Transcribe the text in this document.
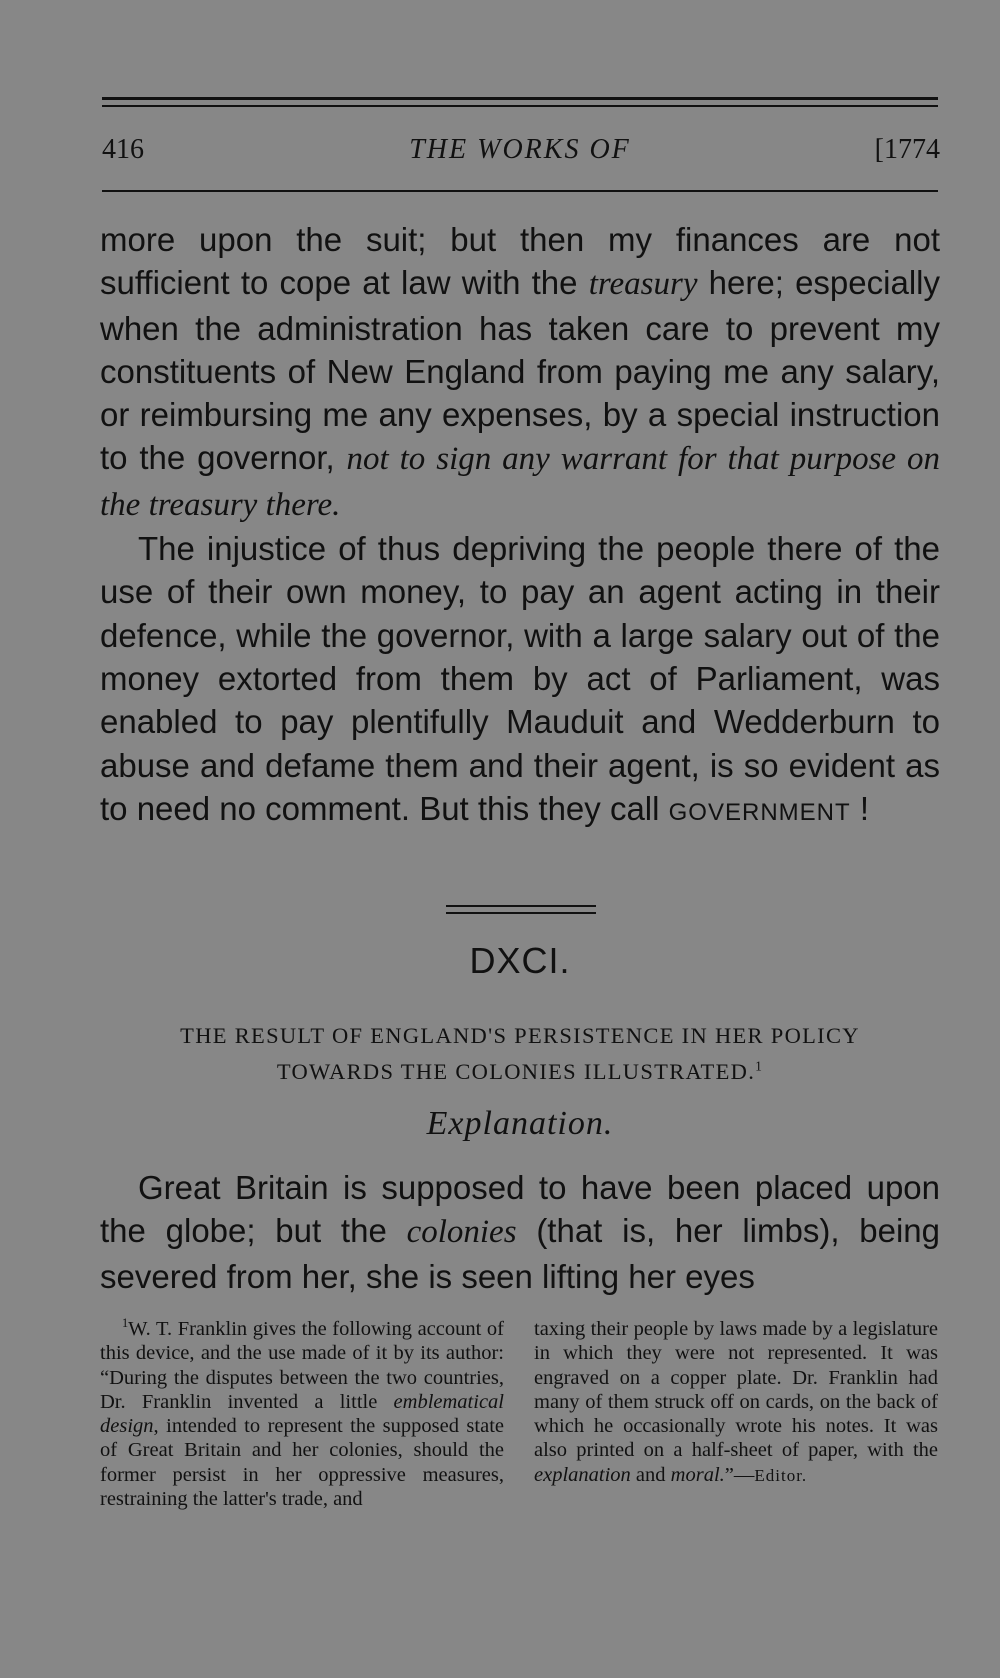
416	THE WORKS OF	[1774

more upon the suit; but then my finances are not sufficient to cope at law with the treasury here; especially when the administration has taken care to prevent my constituents of New England from paying me any salary, or reimbursing me any expenses, by a special instruction to the governor, not to sign any warrant for that purpose on the treasury there.

The injustice of thus depriving the people there of the use of their own money, to pay an agent acting in their defence, while the governor, with a large salary out of the money extorted from them by act of Parliament, was enabled to pay plentifully Mauduit and Wedderburn to abuse and defame them and their agent, is so evident as to need no comment. But this they call GOVERNMENT !

DXCI.
THE RESULT OF ENGLAND'S PERSISTENCE IN HER POLICY
TOWARDS THE COLONIES ILLUSTRATED.$^1$
Explanation.

Great Britain is supposed to have been placed upon the globe; but the colonies (that is, her limbs), being severed from her, she is seen lifting her eyes

$^1$W. T. Franklin gives the following account of this device, and the use made of it by its author: “During the disputes between the two countries, Dr. Franklin invented a little emblematical design, intended to represent the supposed state of Great Britain and her colonies, should the former persist in her oppressive measures, restraining the latter's trade, and

taxing their people by laws made by a legislature in which they were not represented. It was engraved on a copper plate. Dr. Franklin had many of them struck off on cards, on the back of which he occasionally wrote his notes. It was also printed on a half-sheet of paper, with the explanation and moral.”—Editor.
